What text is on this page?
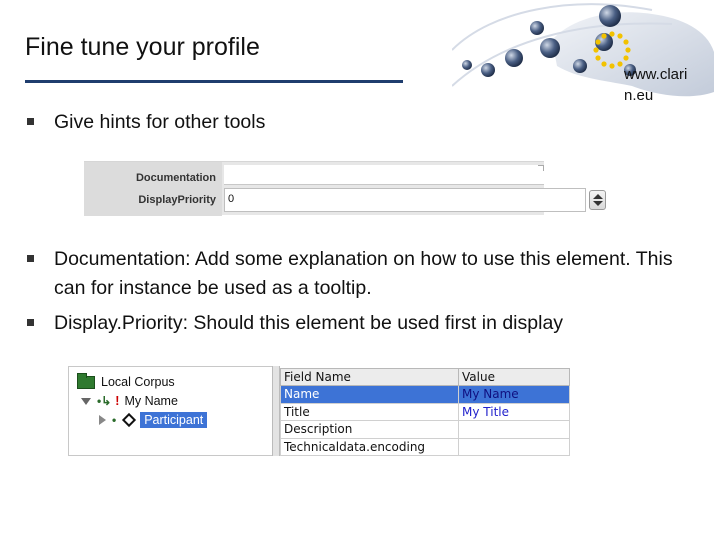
Fine tune your profile
www.clarin.eu
Give hints for other tools
Documentation
DisplayPriority	0
Documentation: Add some explanation on how to use this element. This can for instance be used as a tooltip.
Display.Priority: Should this element be used first in display
Local Corpus
•↳ ! My Name
•	Participant
Field Name	Value
Name	My Name
Title	My Title
Description	
Technicaldata.encoding	
